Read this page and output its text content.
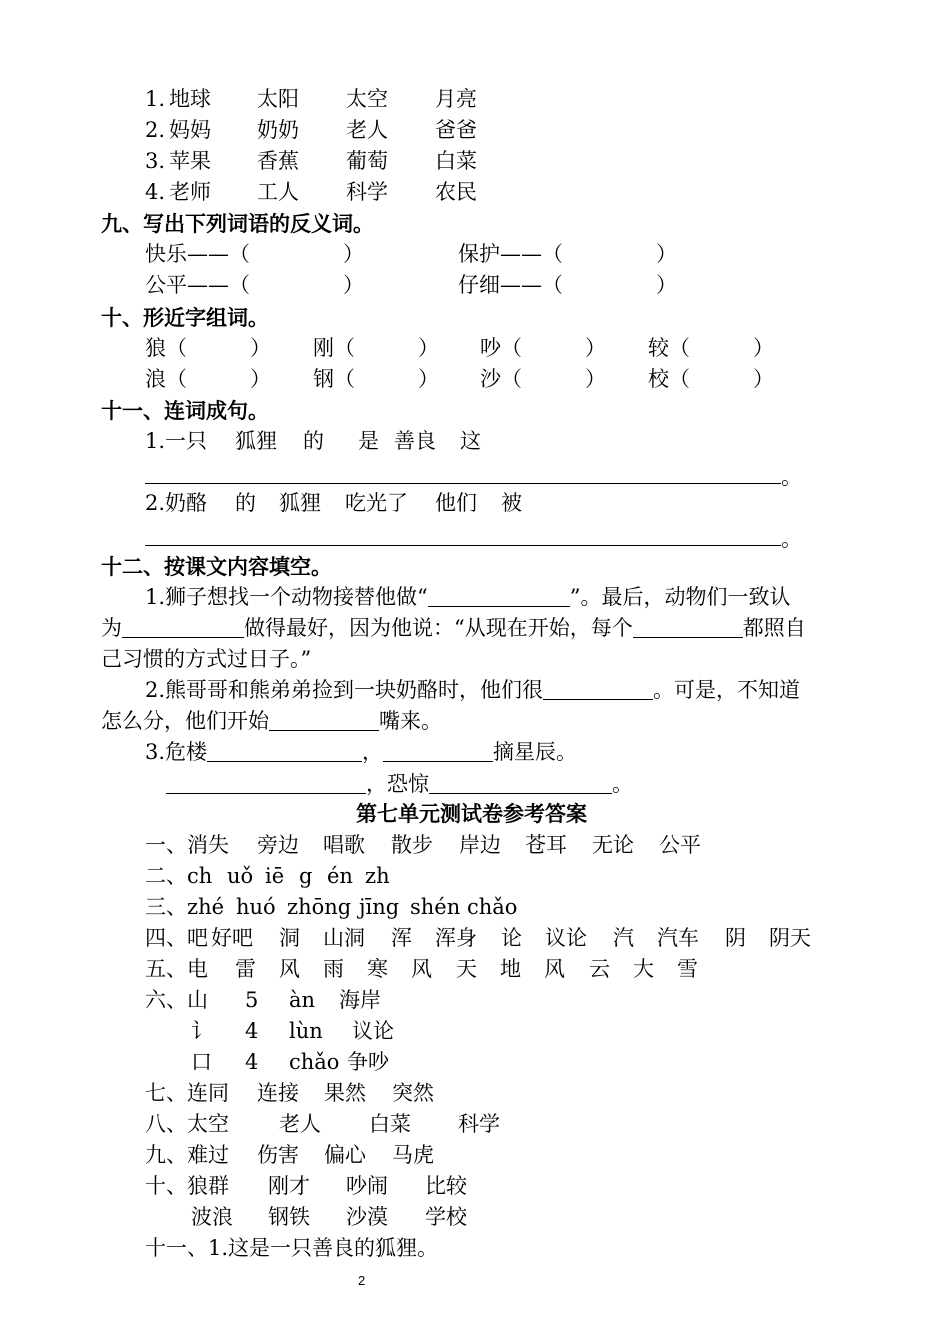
1. 地球 太阳 太空 月亮
2. 妈妈 奶奶 老人 爸爸
3. 苹果 香蕉 葡萄 白菜
4. 老师 工人 科学 农民
九、写出下列词语的反义词。
快乐——（	）	保护——（	）
公平——（	）	仔细——（	）
十、形近字组词。
狼（	） 刚（	） 吵（	） 较（	）
浪（	） 钢（	） 沙（	） 校（	）
十一、连词成句。
1.一只 狐狸 的 是 善良 这
。
2.奶酪 的 狐狸 吃光了 他们 被
。
十二、按课文内容填空。
1.狮子想找一个动物接替他做“	”。最后，动物们一致认
为	做得最好，因为他说：“从现在开始，每个	都照自
己习惯的方式过日子。”
2.熊哥哥和熊弟弟捡到一块奶酪时，他们很	。可是，不知道
怎么分，他们开始	嘴来。
3.危楼	，	摘星辰。
，恐惊	。
第七单元测试卷参考答案
一、消失 旁边 唱歌 散步 岸边 苍耳 无论 公平
二、ch uǒ iē g én zh
三、zhé huó zhōng jīng shén chǎo
四、吧 好吧 洞 山洞 浑 浑身 论 议论 汽 汽车 阴 阴天
五、电 雷 风 雨 寒 风 天 地 风 云 大 雪
六、山 5 àn 海岸
讠 4 lùn 议论
口 4 chǎo 争吵
七、连同 连接 果然 突然
八、太空 老人 白菜 科学
九、难过 伤害 偏心 马虎
十、狼群 刚才 吵闹 比较
波浪 钢铁 沙漠 学校
十一、1.这是一只善良的狐狸。
2
